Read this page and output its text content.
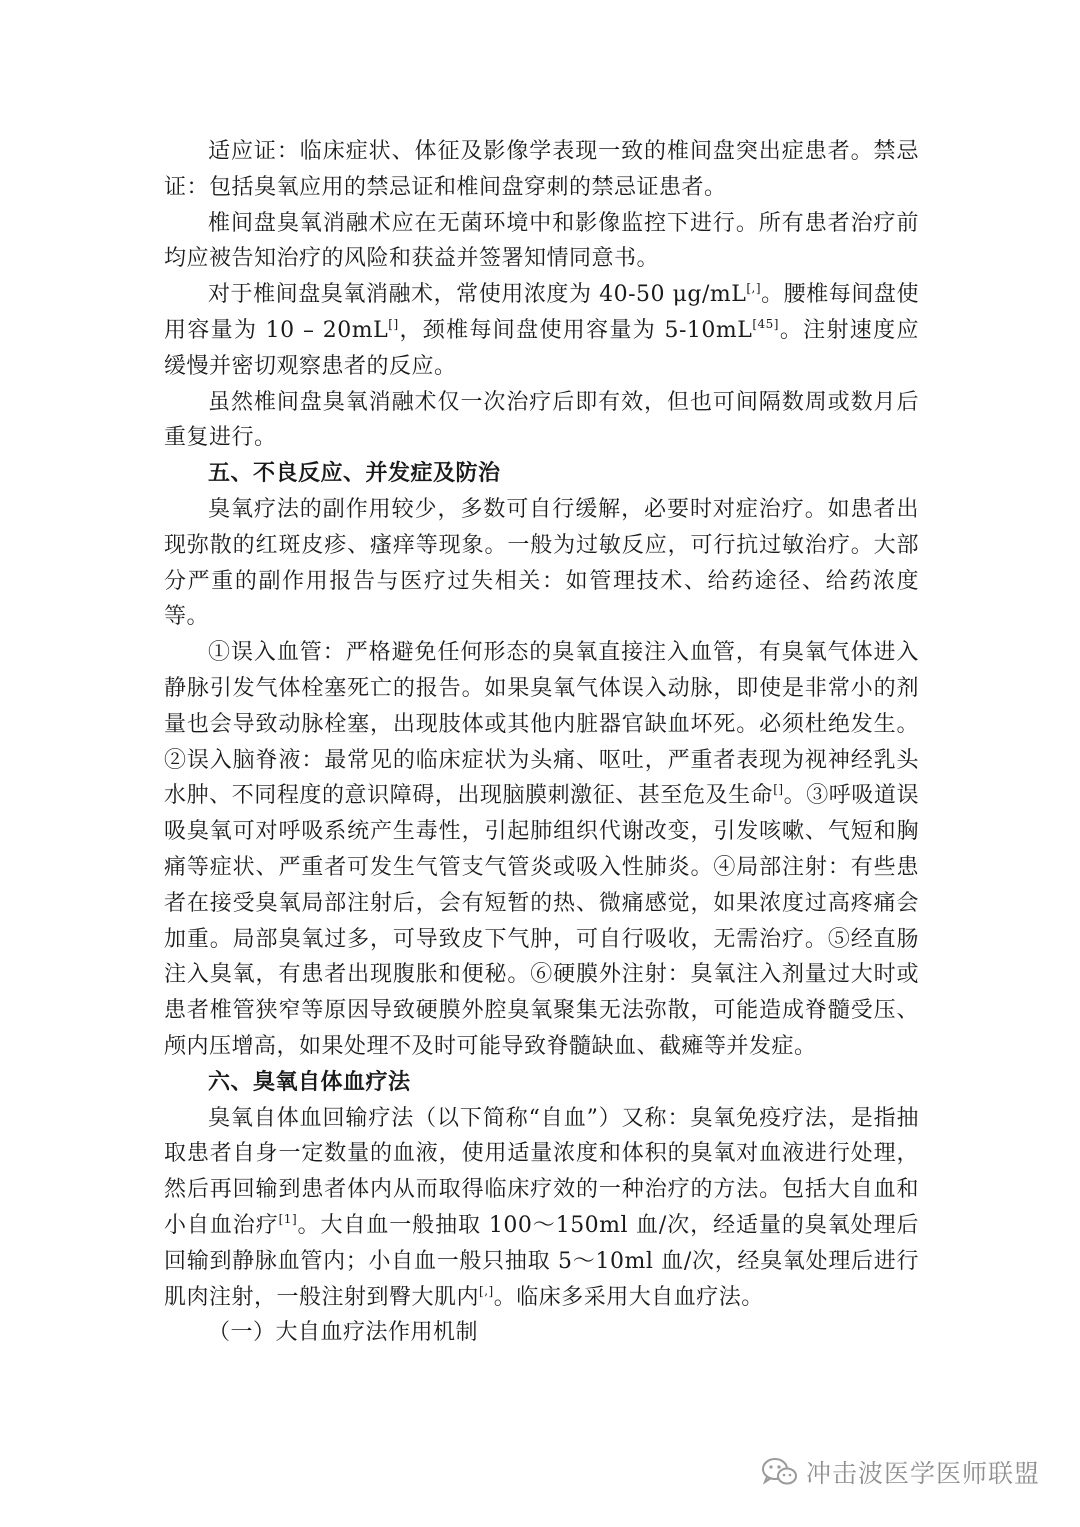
适应证：临床症状、体征及影像学表现一致的椎间盘突出症患者。禁忌证：包括臭氧应用的禁忌证和椎间盘穿刺的禁忌证患者。

椎间盘臭氧消融术应在无菌环境中和影像监控下进行。所有患者治疗前均应被告知治疗的风险和获益并签署知情同意书。

对于椎间盘臭氧消融术，常使用浓度为 40-50 μg/mL[,]。腰椎每间盘使用容量为 10 – 20mL[]，颈椎每间盘使用容量为 5-10mL[45]。注射速度应缓慢并密切观察患者的反应。

虽然椎间盘臭氧消融术仅一次治疗后即有效，但也可间隔数周或数月后重复进行。

五、不良反应、并发症及防治

臭氧疗法的副作用较少，多数可自行缓解，必要时对症治疗。如患者出现弥散的红斑皮疹、瘙痒等现象。一般为过敏反应，可行抗过敏治疗。大部分严重的副作用报告与医疗过失相关：如管理技术、给药途径、给药浓度等。

①误入血管：严格避免任何形态的臭氧直接注入血管，有臭氧气体进入静脉引发气体栓塞死亡的报告。如果臭氧气体误入动脉，即使是非常小的剂量也会导致动脉栓塞，出现肢体或其他内脏器官缺血坏死。必须杜绝发生。②误入脑脊液：最常见的临床症状为头痛、呕吐，严重者表现为视神经乳头水肿、不同程度的意识障碍，出现脑膜刺激征、甚至危及生命[]。③呼吸道误吸臭氧可对呼吸系统产生毒性，引起肺组织代谢改变，引发咳嗽、气短和胸痛等症状、严重者可发生气管支气管炎或吸入性肺炎。④局部注射：有些患者在接受臭氧局部注射后，会有短暂的热、微痛感觉，如果浓度过高疼痛会加重。局部臭氧过多，可导致皮下气肿，可自行吸收，无需治疗。⑤经直肠注入臭氧，有患者出现腹胀和便秘。⑥硬膜外注射：臭氧注入剂量过大时或患者椎管狭窄等原因导致硬膜外腔臭氧聚集无法弥散，可能造成脊髓受压、颅内压增高，如果处理不及时可能导致脊髓缺血、截瘫等并发症。

六、臭氧自体血疗法

臭氧自体血回输疗法（以下简称“自血”）又称：臭氧免疫疗法，是指抽取患者自身一定数量的血液，使用适量浓度和体积的臭氧对血液进行处理，然后再回输到患者体内从而取得临床疗效的一种治疗的方法。包括大自血和小自血治疗[1]。大自血一般抽取 100～150ml 血/次，经适量的臭氧处理后回输到静脉血管内；小自血一般只抽取 5～10ml 血/次，经臭氧处理后进行肌肉注射，一般注射到臀大肌内[,]。临床多采用大自血疗法。

（一）大自血疗法作用机制

冲击波医学医师联盟
